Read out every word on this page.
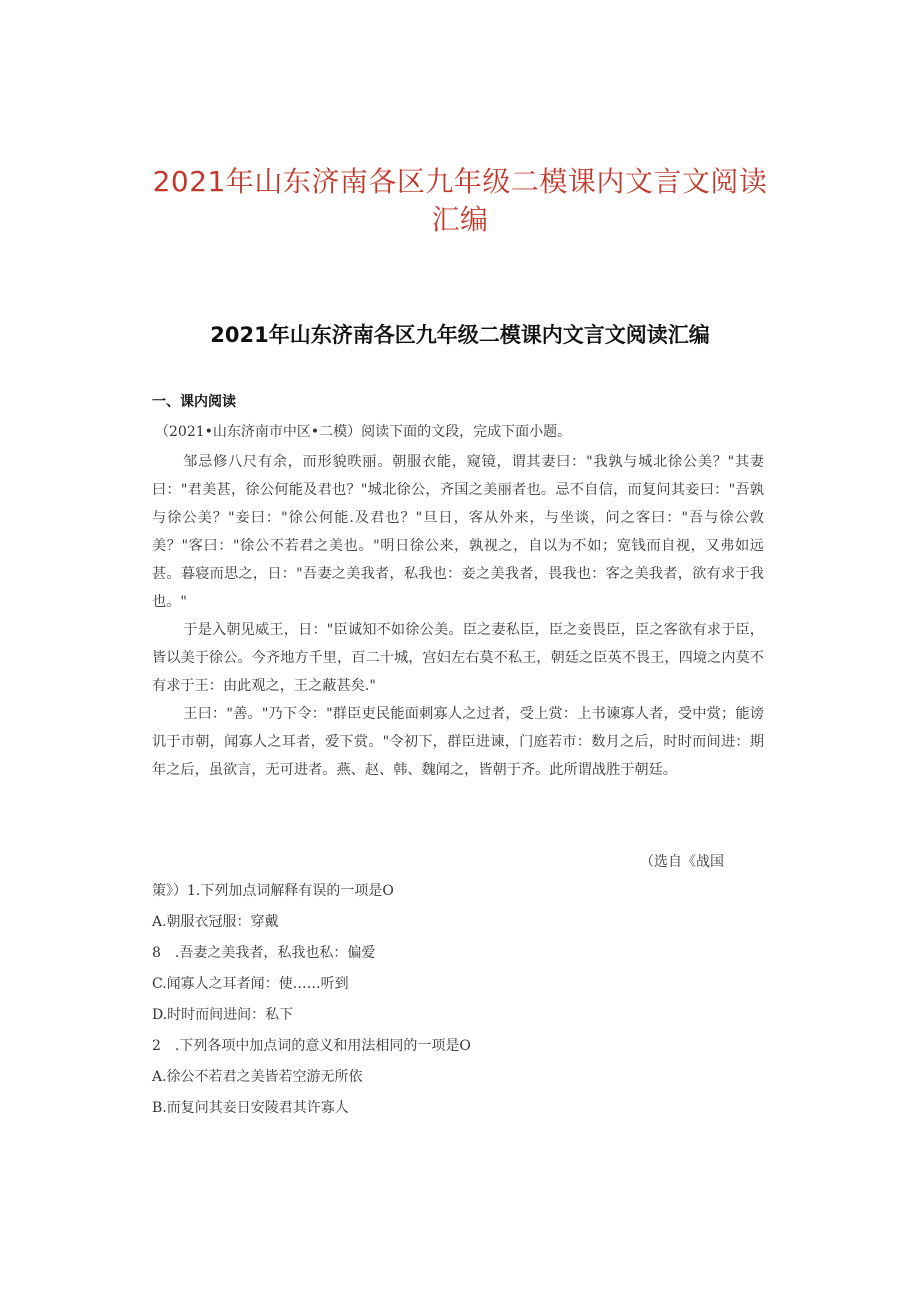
2021年山东济南各区九年级二模课内文言文阅读
汇编
2021年山东济南各区九年级二模课内文言文阅读汇编
一、课内阅读
（2021•山东济南市中区•二模）阅读下面的文段，完成下面小题。

邹忌修八尺有余，而形貌昳丽。朝服衣能，窥镜，谓其妻曰："我孰与城北徐公美？"其妻曰："君美甚，徐公何能及君也？"城北徐公，齐国之美丽者也。忌不自信，而复问其妾曰："吾孰与徐公美？"妾曰："徐公何能.及君也？"旦日，客从外来，与坐谈，问之客曰："吾与徐公敦美？"客曰："徐公不若君之美也。"明日徐公来，孰视之，自以为不如；宽钱而自视，又弗如远甚。暮寝而思之，日："吾妻之美我者，私我也：妾之美我者，畏我也：客之美我者，欲有求于我也。"

于是入朝见威王，日："臣诚知不如徐公美。臣之妻私臣，臣之妾畏臣，臣之客欲有求于臣，皆以美于徐公。今齐地方千里，百二十城，宫妇左右莫不私王，朝廷之臣英不畏王，四境之内莫不有求于王：由此观之，王之蔽甚矣."

王曰："善。"乃下令："群臣吏民能面刺寡人之过者，受上赏：上书谏寡人者，受中赏；能谤讥于市朝，闻寡人之耳者，爱下赏。"令初下，群臣进谏，门庭若市：数月之后，时时而间进：期年之后，虽欲言，无可进者。燕、赵、韩、魏闻之，皆朝于齐。此所谓战胜于朝廷。

（选自《战国
策》）1.下列加点词解释有误的一项是O
A.朝服衣冠服：穿戴
8　.吾妻之美我者，私我也私：偏爱
C.闻寡人之耳者闻：使……听到
D.时时而间进间：私下
2　.下列各项中加点词的意义和用法相同的一项是O
A.徐公不若君之美皆若空游无所依
B.而复问其妾日安陵君其许寡人
